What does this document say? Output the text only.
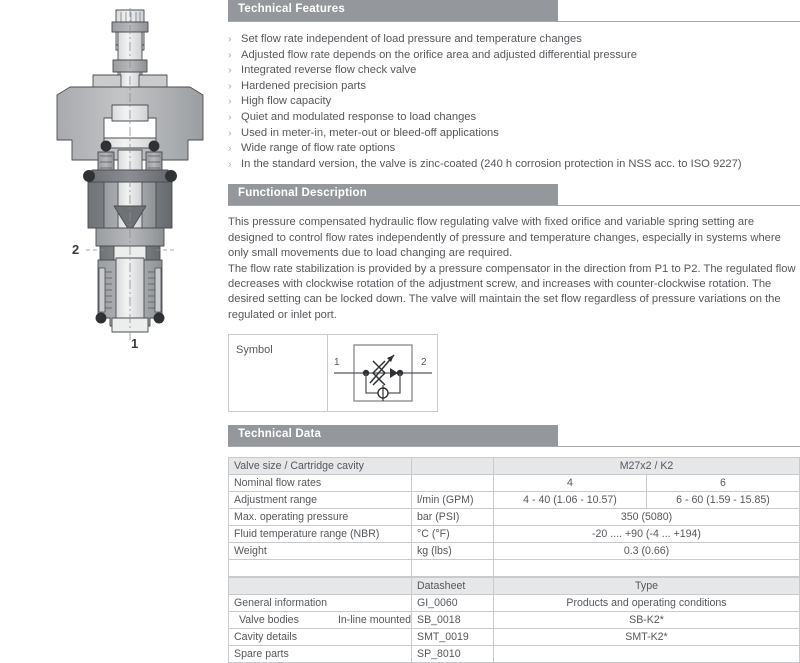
2
1
Technical Features
› Set flow rate independent of load pressure and temperature changes
› Adjusted flow rate depends on the orifice area and adjusted differential pressure
› Integrated reverse flow check valve
› Hardened precision parts
› High flow capacity
› Quiet and modulated response to load changes
› Used in meter-in, meter-out or bleed-off applications
› Wide range of flow rate options
› In the standard version, the valve is zinc-coated (240 h corrosion protection in NSS acc. to ISO 9227)
Functional Description

This pressure compensated hydraulic flow regulating valve with fixed orifice and variable spring setting are designed to control flow rates independently of pressure and temperature changes, especially in systems where only small movements due to load changing are required.

The flow rate stabilization is provided by a pressure compensator in the direction from P1 to P2. The regulated flow decreases with clockwise rotation of the adjustment screw, and increases with counter-clockwise rotation. The desired setting can be locked down. The valve will maintain the set flow regardless of pressure variations on the regulated or inlet port.

Symbol
1	2
Technical Data
Valve size / Cartridge cavity		M27x2 / K2	
Nominal flow rates		4	6
Adjustment range	l/min (GPM)	4 - 40 (1.06 - 10.57)	6 - 60 (1.59 - 15.85)
Max. operating pressure	bar (PSI)	350 (5080)	
Fluid temperature range (NBR)	°C (°F)	-20 .... +90 (-4 ... +194)	
Weight	kg (lbs)	0.3 (0.66)	

	Datasheet	Type
General information	GI_0060	Products and operating conditions

Valve bodies In-line mounted	SB_0018	SB-K2*
Cavity details	SMT_0019	SMT-K2*
Spare parts	SP_8010	
